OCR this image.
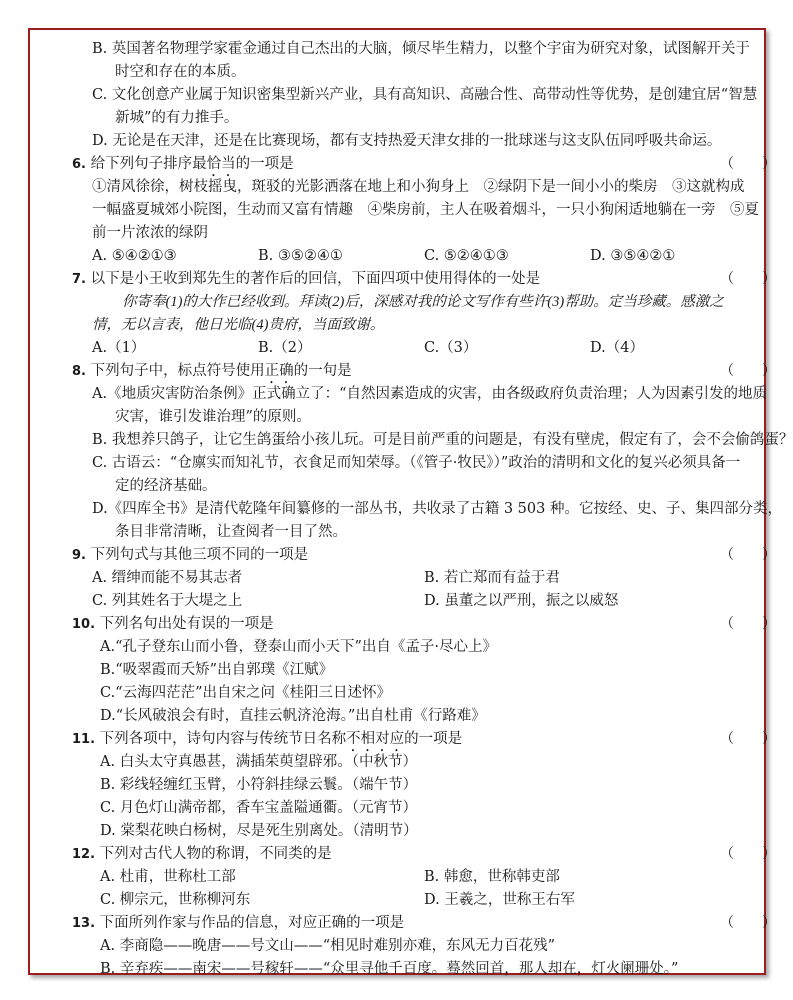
B. 英国著名物理学家霍金通过自己杰出的大脑，倾尽毕生精力，以整个宇宙为研究对象，试图解开关于
时空和存在的本质。
C. 文化创意产业属于知识密集型新兴产业，具有高知识、高融合性、高带动性等优势，是创建宜居“智慧
新城”的有力推手。
D. 无论是在天津，还是在比赛现场，都有支持热爱天津女排的一批球迷与这支队伍同呼吸共命运。
6. 给下列句子排序最恰当的一项是	（　　）
①清风徐徐，树枝摇曳，斑驳的光影洒落在地上和小狗身上　②绿阴下是一间小小的柴房　③这就构成
一幅盛夏城郊小院图，生动而又富有情趣　④柴房前，主人在吸着烟斗，一只小狗闲适地躺在一旁　⑤夏
前一片浓浓的绿阴
A. ⑤④②①③	B. ③⑤②④①	C. ⑤②④①③	D. ③⑤④②①
7. 以下是小王收到郑先生的著作后的回信，下面四项中使用得体的一处是	（　　）
你寄奉(1)的大作已经收到。拜读(2)后，深感对我的论文写作有些许(3)帮助。定当珍藏。感激之
情，无以言表，他日光临(4)贵府，当面致谢。
A.（1）	B.（2）	C.（3）	D.（4）
8. 下列句子中，标点符号使用正确的一句是	（　　）
A.《地质灾害防治条例》正式确立了：“自然因素造成的灾害，由各级政府负责治理；人为因素引发的地质
灾害，谁引发谁治理”的原则。
B. 我想养只鸽子，让它生鸽蛋给小孩儿玩。可是目前严重的问题是，有没有壁虎，假定有了，会不会偷鸽蛋？
C. 古语云：“仓廪实而知礼节，衣食足而知荣辱。（《管子·牧民》）”政治的清明和文化的复兴必须具备一
定的经济基础。
D.《四库全书》是清代乾隆年间纂修的一部丛书，共收录了古籍 3 503 种。它按经、史、子、集四部分类，
条目非常清晰，让查阅者一目了然。
9. 下列句式与其他三项不同的一项是	（　　）
A. 缙绅而能不易其志者	B. 若亡郑而有益于君
C. 列其姓名于大堤之上	D. 虽董之以严刑，振之以威怒
10. 下列名句出处有误的一项是	（　　）
A.“孔子登东山而小鲁，登泰山而小天下”出自《孟子·尽心上》
B.“吸翠霞而夭矫”出自郭璞《江赋》
C.“云海四茫茫”出自宋之问《桂阳三日述怀》
D.“长风破浪会有时，直挂云帆济沧海。”出自杜甫《行路难》
11. 下列各项中，诗句内容与传统节日名称不相对应的一项是	（　　）
A. 白头太守真愚甚，满插茱萸望辟邪。（中秋节）
B. 彩线轻缠红玉臂，小符斜挂绿云鬟。（端午节）
C. 月色灯山满帝都，香车宝盖隘通衢。（元宵节）
D. 棠梨花映白杨树，尽是死生别离处。（清明节）
12. 下列对古代人物的称谓，不同类的是	（　　）
A. 杜甫，世称杜工部	B. 韩愈，世称韩吏部
C. 柳宗元，世称柳河东	D. 王羲之，世称王右军
13. 下面所列作家与作品的信息，对应正确的一项是	（　　）
A. 李商隐——晚唐——号文山——“相见时难别亦难，东风无力百花残”
B. 辛弃疾——南宋——号稼轩——“众里寻他千百度。蓦然回首，那人却在，灯火阑珊处。”
